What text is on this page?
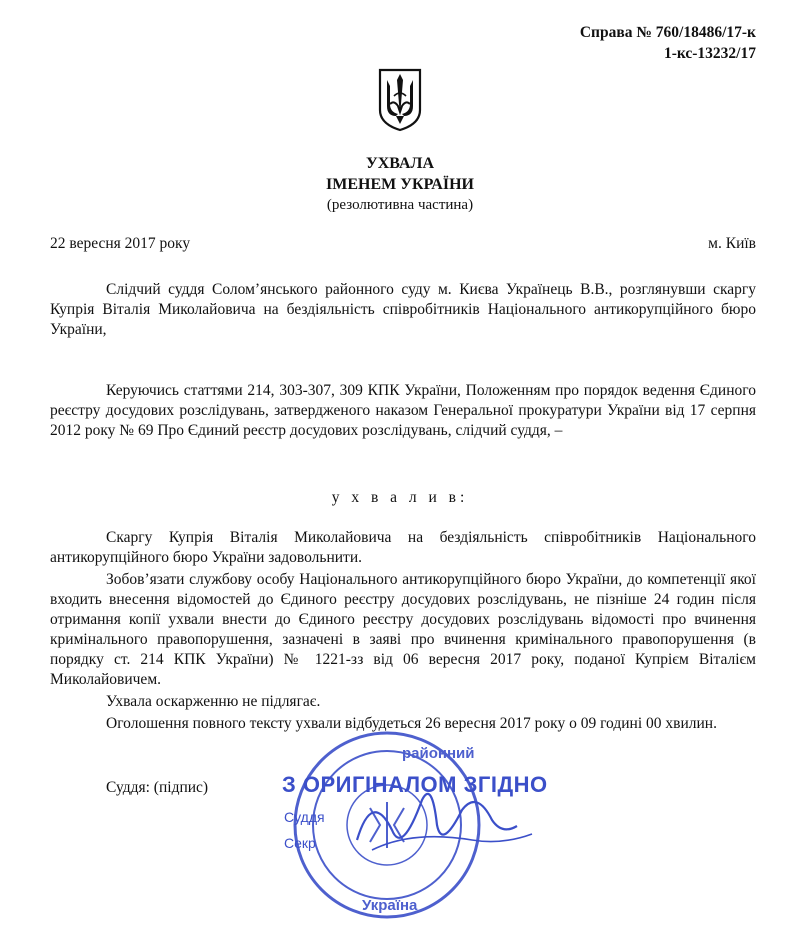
Справа № 760/18486/17-к
1-кс-13232/17
УХВАЛА
ІМЕНЕМ УКРАЇНИ
(резолютивна частина)
22 вересня 2017 року	м. Київ

Слідчий суддя Солом’янського районного суду м. Києва Українець В.В., розглянувши скаргу Купрія Віталія Миколайовича на бездіяльність співробітників Національного антикорупційного бюро України,

Керуючись статтями 214, 303-307, 309 КПК України, Положенням про порядок ведення Єдиного реєстру досудових розслідувань, затвердженого наказом Генеральної прокуратури України від 17 серпня 2012 року № 69 Про Єдиний реєстр досудових розслідувань, слідчий суддя, –

у х в а л и в:

Скаргу Купрія Віталія Миколайовича на бездіяльність співробітників Національного антикорупційного бюро України задовольнити.

Зобов’язати службову особу Національного антикорупційного бюро України, до компетенції якої входить внесення відомостей до Єдиного реєстру досудових розслідувань, не пізніше 24 годин після отримання копії ухвали внести до Єдиного реєстру досудових розслідувань відомості про вчинення кримінального правопорушення, зазначені в заяві про вчинення кримінального правопорушення (в порядку ст. 214 КПК України) № 1221-зз від 06 вересня 2017 року, поданої Купрієм Віталієм Миколайовичем.

Ухвала оскарженню не підлягає.

Оголошення повного тексту ухвали відбудеться 26 вересня 2017 року о 09 годині 00 хвилин.

Суддя: (підпис)
районний
Україна
З ОРИГІНАЛОМ ЗГІДНО
Суддя
Секр
